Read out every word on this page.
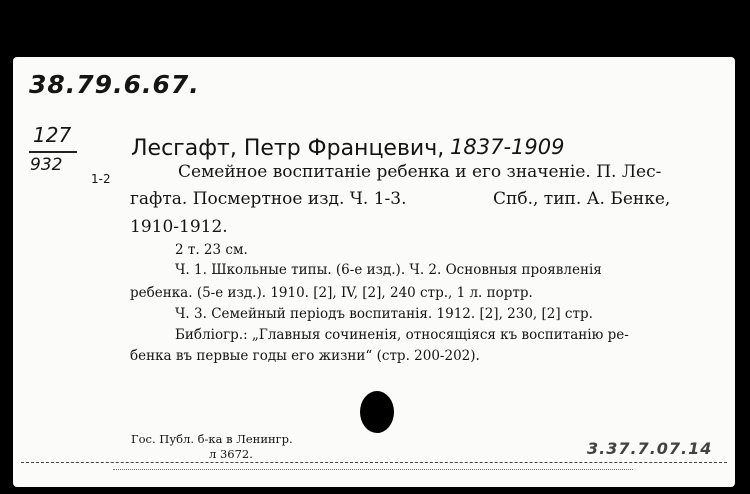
38.79.6.67.
127
932
1-2
Лесгафт, Петр Францевич, 1837-1909
Семейное воспитаніе ребенка и его значеніе. П. Лес-
гафта. Посмертное изд. Ч. 1-3.	Спб., тип. А. Бенке,
1910-1912.
2 т. 23 см.
Ч. 1. Школьные типы. (6-е изд.). Ч. 2. Основныя проявленія
ребенка. (5-е изд.). 1910. [2], IV, [2], 240 стр., 1 л. портр.
Ч. 3. Семейный періодъ воспитанія. 1912. [2], 230, [2] стр.
Библіогр.: „Главныя сочиненія, относящіяся къ воспитанію ре-
бенка въ первые годы его жизни“ (стр. 200-202).
Гос. Публ. б-ка в Ленингр.
л 3672.	3.37.7.07.14
